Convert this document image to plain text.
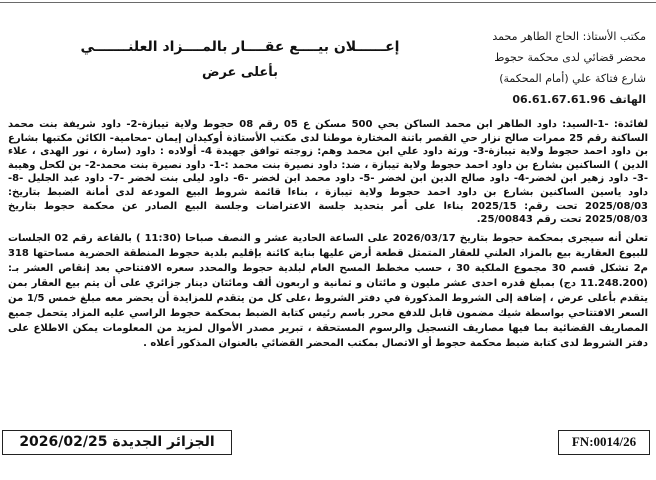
مكتب الأستاذ: الحاج الطاهر محمد
محضر قضائي لدى محكمة حجوط
شارع فتاكة علي (أمام المحكمة)
الهاتف 06.61.67.61.96
إعــــــلان بيــــع عقــــار بالمــــزاد العلنـــــــي
بأعلى عرض

لفائدة: -1-السيد: داود الطاهر ابن محمد الساكن بحي 500 مسكن ع 05 رقم 08 حجوط ولاية تيبازة-2- داود شريفة بنت محمد الساكنة رقم 25 ممرات صالح نزار حي القصر باتنة المختارة موطنا لدى مكتب الأستاذة أوكيدان إيمان -محامية- الكائن مكتبها بشارع بن داود احمد حجوط ولاية تيبازة-3- ورثة داود علي ابن محمد وهم: زوجته توافق جهيدة 4- أولاده : داود (سارة ، نور الهدى ، علاء الدين ) الساكنين بشارع بن داود احمد حجوط ولاية تيبازة ، ضد: داود نصيرة بنت محمد :-1- داود نصيرة بنت محمد-2- بن لكحل وهيبة -3- داود زهير ابن لخضر-4- داود صالح الدين ابن لخضر -5- داود محمد ابن لخضر -6- داود ليلى بنت لخضر -7- داود عبد الجليل -8- داود ياسين الساكنين بشارع بن داود احمد حجوط ولاية تيبازة ، بناءا قائمة شروط البيع المودعة لدى أمانة الضبط بتاريخ: 2025/08/03 تحت رقم: 2025/15 بناءا على أمر بتحديد جلسة الاعتراضات وجلسة البيع الصادر عن محكمة حجوط بتاريخ 2025/08/03 تحت رقم 25/00843.

تعلن أنه سيجرى بمحكمة حجوط بتاريخ 2026/03/17 على الساعة الحادية عشر و النصف صباحا (11:30 ) بالقاعة رقم 02 الجلسات للبيوع العقارية بيع بالمزاد العلني للعقار المتمثل قطعة أرض عليها بناية كائنة بإقليم بلدية حجوط المنطقة الحضرية مساحتها 318 م2 تشكل قسم 30 مجموع الملكية 30 ، حسب مخطط المسح العام لبلدية حجوط والمحدد سعره الافتتاحي بعد إنقاص العشر بـ: (11.248.200 دج) بمبلغ قدره احدى عشر مليون و مائتان و ثمانية و اربعون ألف ومائتان دينار جزائري على أن يتم بيع العقار بمن يتقدم بأعلى عرض ، إضافة إلى الشروط المذكورة في دفتر الشروط ،على كل من يتقدم للمزايدة أن يحضر معه مبلغ خمس 1/5 من السعر الافتتاحي بواسطة شيك مضمون قابل للدفع محرر باسم رئيس كتابة الضبط بمحكمة حجوط الراسي عليه المزاد يتحمل جميع المصاريف القضائية بما فيها مصاريف التسجيل والرسوم المستحقة ، تبرير مصدر الأموال لمزيد من المعلومات يمكن الاطلاع على دفتر الشروط لدى كتابة ضبط محكمة حجوط أو الاتصال بمكتب المحضر القضائي بالعنوان المذكور أعلاه .

الجزائر الجديدة 2026/02/25	FN:0014/26
